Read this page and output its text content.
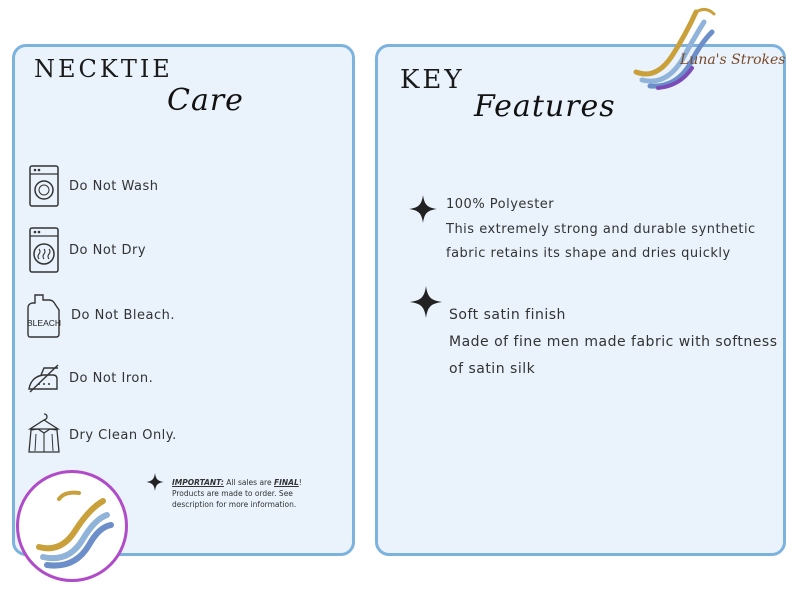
NECKTIE
Care
Do Not Wash
Do Not Dry
BLEACH
Do Not Bleach.
Do Not Iron.
Dry Clean Only.
IMPORTANT: All sales are FINAL! Products are made to order. See description for more information.
KEY
Features
100% Polyester
This extremely strong and durable synthetic
fabric retains its shape and dries quickly
Soft satin finish
Made of fine men made fabric with softness
of satin silk
Luna's Strokes
